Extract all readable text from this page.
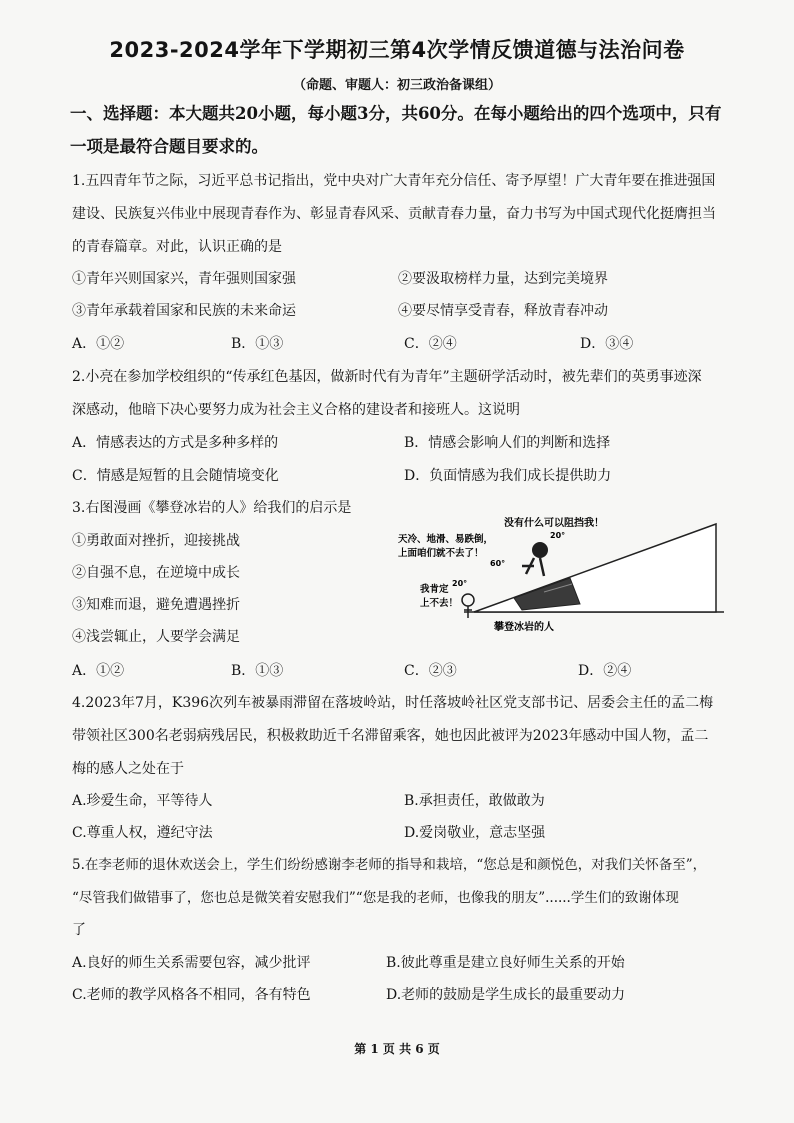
2023-2024学年下学期初三第4次学情反馈道德与法治问卷
（命题、审题人：初三政治备课组）
一、选择题：本大题共20小题，每小题3分，共60分。在每小题给出的四个选项中，只有
一项是最符合题目要求的。
1.五四青年节之际，习近平总书记指出，党中央对广大青年充分信任、寄予厚望！广大青年要在推进强国
建设、民族复兴伟业中展现青春作为、彰显青春风采、贡献青春力量，奋力书写为中国式现代化挺膺担当
的青春篇章。对此，认识正确的是
①青年兴则国家兴，青年强则国家强	②要汲取榜样力量，达到完美境界
③青年承载着国家和民族的未来命运	④要尽情享受青春，释放青春冲动
A．①②	B．①③	C．②④	D．③④
2.小亮在参加学校组织的“传承红色基因，做新时代有为青年”主题研学活动时，被先辈们的英勇事迹深
深感动，他暗下决心要努力成为社会主义合格的建设者和接班人。这说明
A．情感表达的方式是多种多样的	B．情感会影响人们的判断和选择
C．情感是短暂的且会随情境变化	D．负面情感为我们成长提供助力
3.右图漫画《攀登冰岩的人》给我们的启示是
①勇敢面对挫折，迎接挑战
②自强不息，在逆境中成长
③知难而退，避免遭遇挫折
④浅尝辄止，人要学会满足
没有什么可以阻挡我！
20°
天冷、地滑、易跌倒，
上面咱们就不去了！
60°
我肯定
上不去！
20°
攀登冰岩的人
A．①②	B．①③	C．②③	D．②④
4.2023年7月，K396次列车被暴雨滞留在落坡岭站，时任落坡岭社区党支部书记、居委会主任的孟二梅
带领社区300名老弱病残居民，积极救助近千名滞留乘客，她也因此被评为2023年感动中国人物，孟二
梅的感人之处在于
A.珍爱生命，平等待人	B.承担责任，敢做敢为
C.尊重人权，遵纪守法	D.爱岗敬业，意志坚强
5.在李老师的退休欢送会上，学生们纷纷感谢李老师的指导和栽培，“您总是和颜悦色，对我们关怀备至”，
“尽管我们做错事了，您也总是微笑着安慰我们”“您是我的老师，也像我的朋友”......学生们的致谢体现
了
A.良好的师生关系需要包容，减少批评	B.彼此尊重是建立良好师生关系的开始
C.老师的教学风格各不相同，各有特色	D.老师的鼓励是学生成长的最重要动力
第 1 页 共 6 页
